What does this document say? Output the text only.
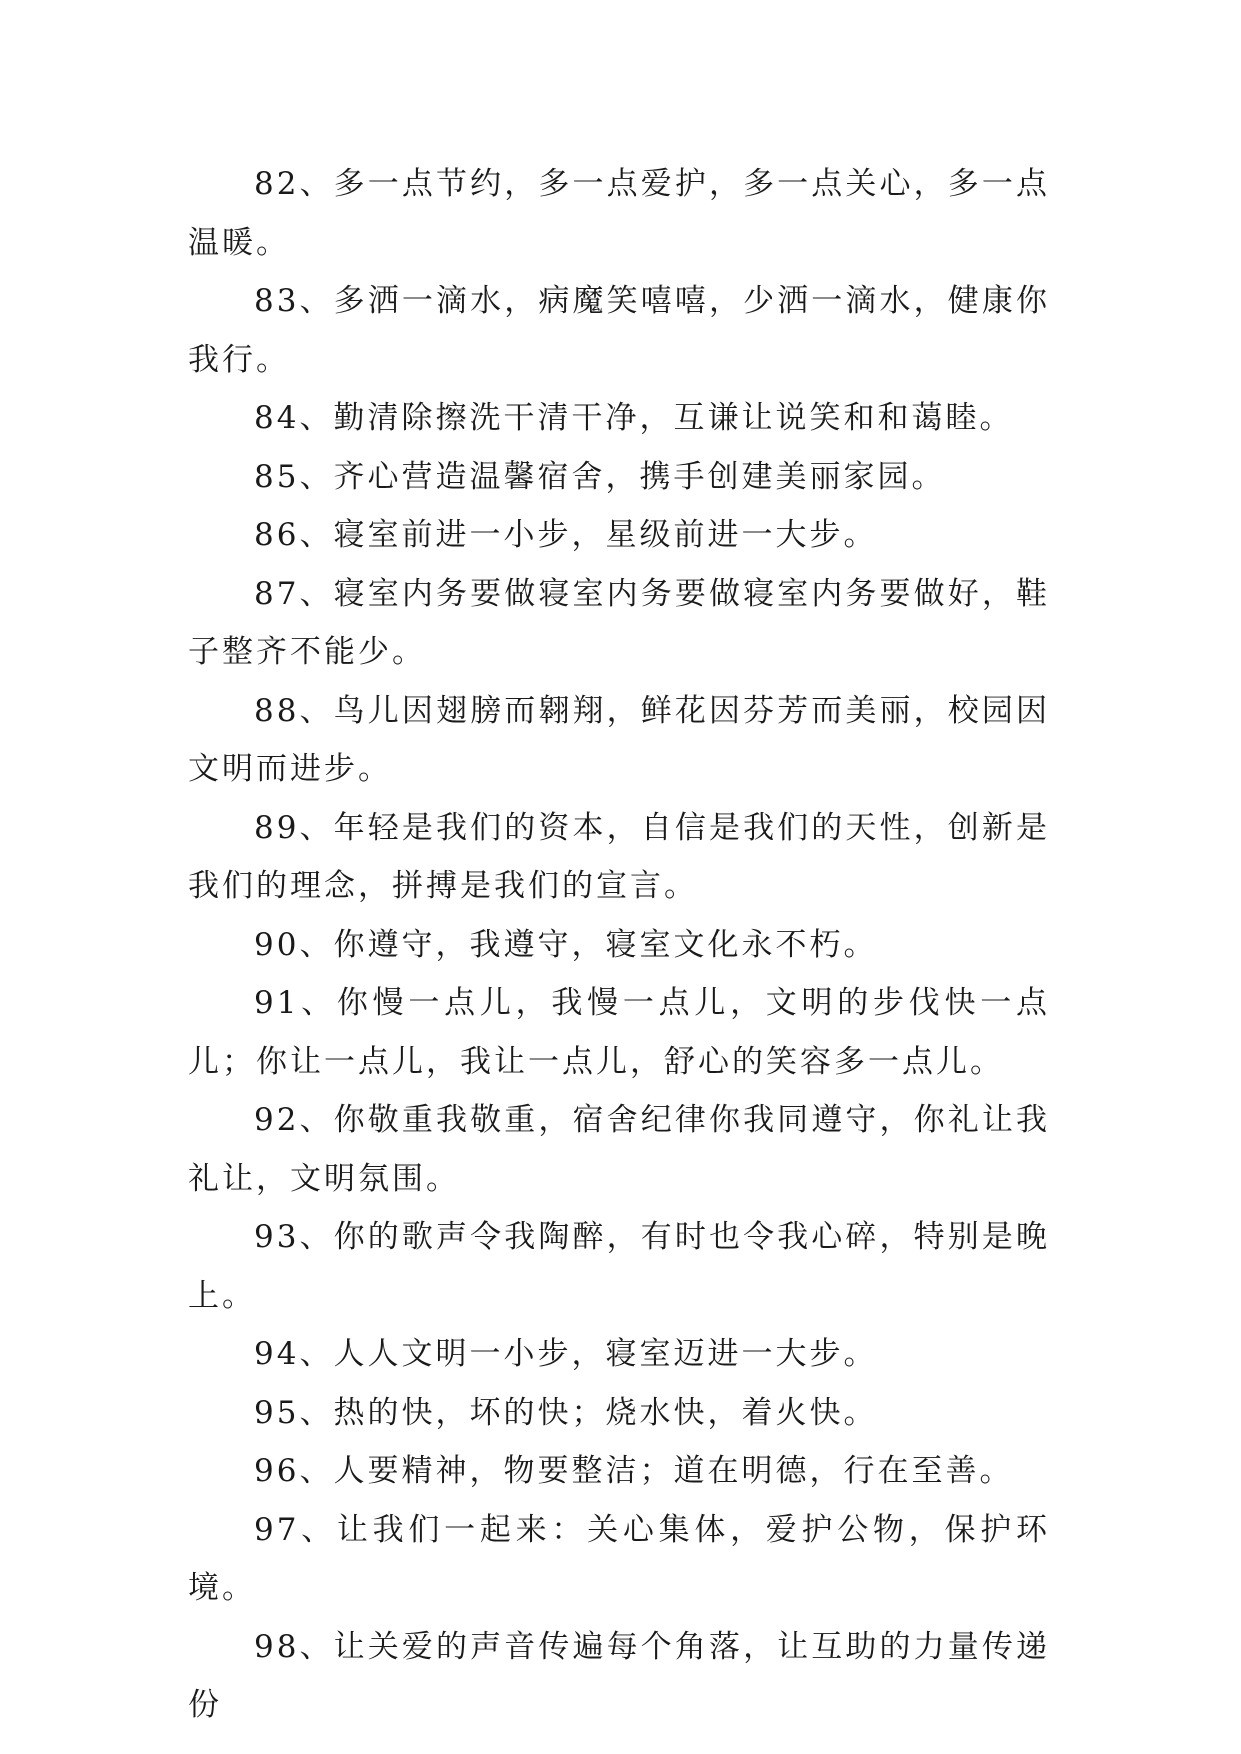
82、多一点节约，多一点爱护，多一点关心，多一点温暖。

83、多洒一滴水，病魔笑嘻嘻，少洒一滴水，健康你我行。

84、勤清除擦洗干清干净，互谦让说笑和和蔼睦。

85、齐心营造温馨宿舍，携手创建美丽家园。

86、寝室前进一小步，星级前进一大步。

87、寝室内务要做寝室内务要做寝室内务要做好，鞋子整齐不能少。

88、鸟儿因翅膀而翱翔，鲜花因芬芳而美丽，校园因文明而进步。

89、年轻是我们的资本，自信是我们的天性，创新是我们的理念，拼搏是我们的宣言。

90、你遵守，我遵守，寝室文化永不朽。

91、你慢一点儿，我慢一点儿，文明的步伐快一点儿；你让一点儿，我让一点儿，舒心的笑容多一点儿。

92、你敬重我敬重，宿舍纪律你我同遵守，你礼让我礼让，文明氛围。

93、你的歌声令我陶醉，有时也令我心碎，特别是晚上。

94、人人文明一小步，寝室迈进一大步。

95、热的快，坏的快；烧水快，着火快。

96、人要精神，物要整洁；道在明德，行在至善。

97、让我们一起来：关心集体，爱护公物，保护环境。

98、让关爱的声音传遍每个角落，让互助的力量传递份
